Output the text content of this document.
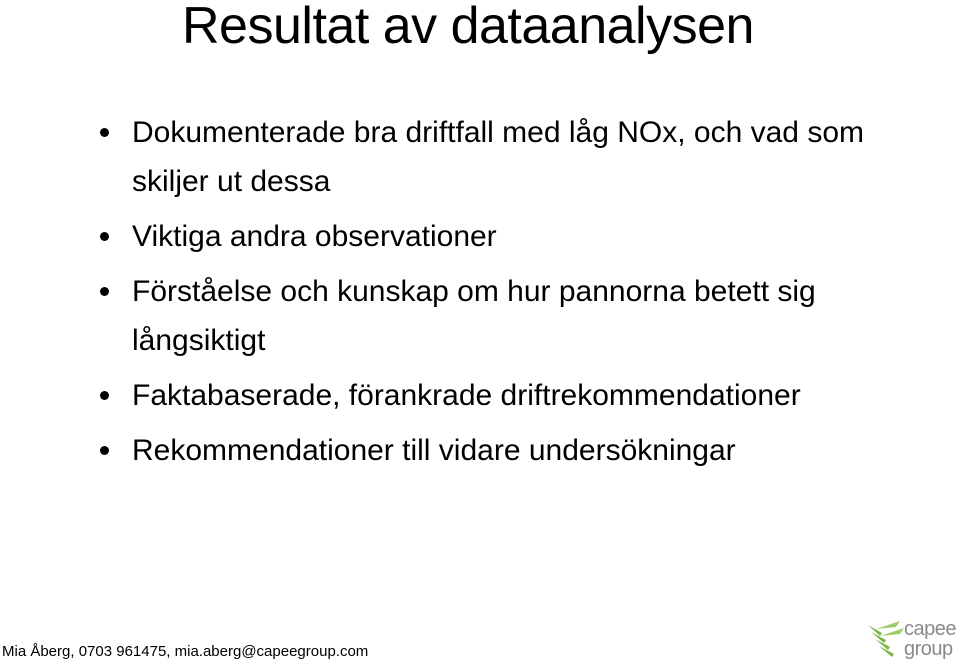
Resultat av dataanalysen
Dokumenterade bra driftfall med låg NOx, och vad som skiljer ut dessa
Viktiga andra observationer
Förståelse och kunskap om hur pannorna betett sig långsiktigt
Faktabaserade, förankrade driftrekommendationer
Rekommendationer till vidare undersökningar
Mia Åberg, 0703 961475, mia.aberg@capeegroup.com
capee
group
